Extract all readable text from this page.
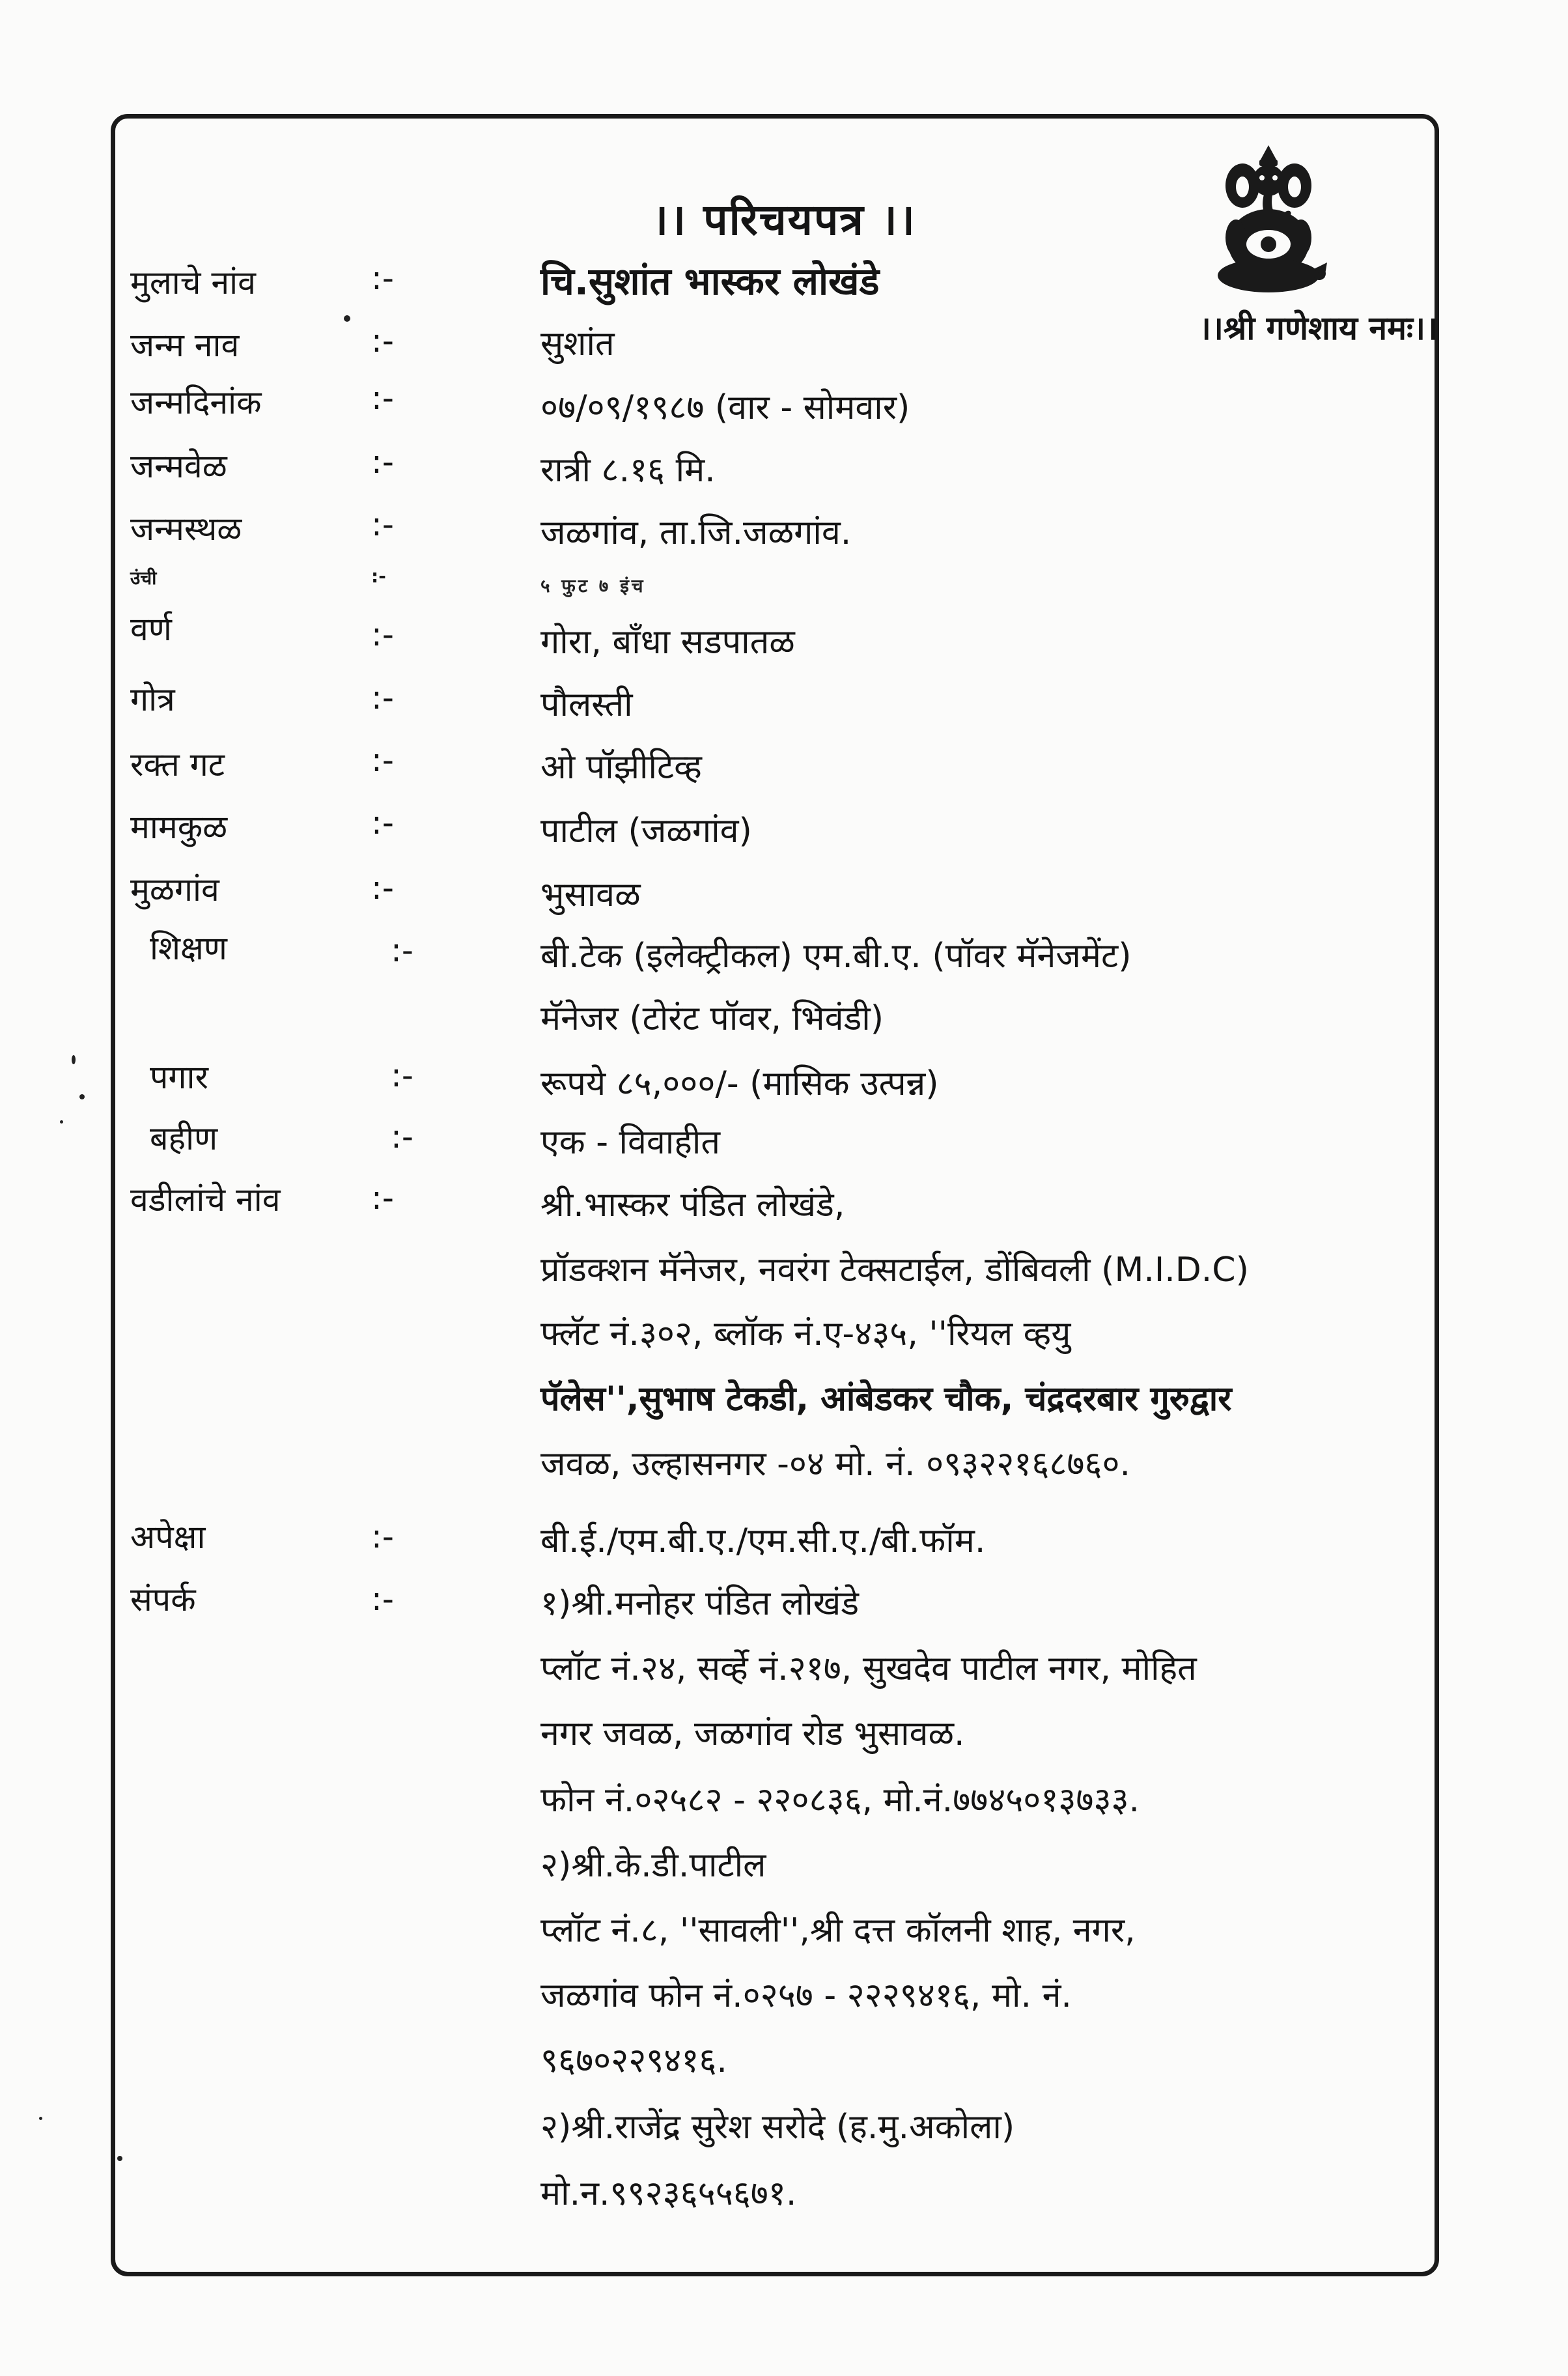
।। परिचयपत्र ।।

।।श्री गणेशाय नमः।।

मुलाचे नांव	:-	चि.सुशांत भास्कर लोखंडे

जन्म नाव	:-	सुशांत

जन्मदिनांक	:-	०७/०९/१९८७ (वार - सोमवार)

जन्मवेळ	:-	रात्री ८.१६ मि.

जन्मस्थळ	:-	जळगांव, ता.जि.जळगांव.

उंची	:-	५ फुट ७ इंच

वर्ण	:-	गोरा, बाँधा सडपातळ

गोत्र	:-	पौलस्ती

रक्त गट	:-	ओ पॉझीटिव्ह

मामकुळ	:-	पाटील (जळगांव)

मुळगांव	:-	भुसावळ

शिक्षण	:-	बी.टेक (इलेक्ट्रीकल) एम.बी.ए. (पॉवर मॅनेजमेंट)

मॅनेजर (टोरंट पॉवर, भिवंडी)

पगार	:-	रूपये ८५,०००/- (मासिक उत्पन्न)

बहीण	:-	एक - विवाहीत

वडीलांचे नांव	:-	श्री.भास्कर पंडित लोखंडे,

प्रॉडक्शन मॅनेजर, नवरंग टेक्सटाईल, डोंबिवली (M.I.D.C)

फ्लॅट नं.३०२, ब्लॉक नं.ए-४३५, ''रियल व्हयु

पॅलेस'',सुभाष टेकडी, आंबेडकर चौक, चंद्रदरबार गुरुद्वार

जवळ, उल्हासनगर -०४ मो. नं. ०९३२२१६८७६०.

अपेक्षा	:-	बी.ई./एम.बी.ए./एम.सी.ए./बी.फॉम.

संपर्क	:-	१)श्री.मनोहर पंडित लोखंडे

प्लॉट नं.२४, सर्व्हे नं.२१७, सुखदेव पाटील नगर, मोहित

नगर जवळ, जळगांव रोड भुसावळ.

फोन नं.०२५८२ - २२०८३६, मो.नं.७७४५०१३७३३.

२)श्री.के.डी.पाटील

प्लॉट नं.८, ''सावली'',श्री दत्त कॉलनी शाह, नगर,

जळगांव फोन नं.०२५७ - २२२९४१६, मो. नं.

९६७०२२९४१६.

२)श्री.राजेंद्र सुरेश सरोदे (ह.मु.अकोला)

मो.न.९९२३६५५६७१.
